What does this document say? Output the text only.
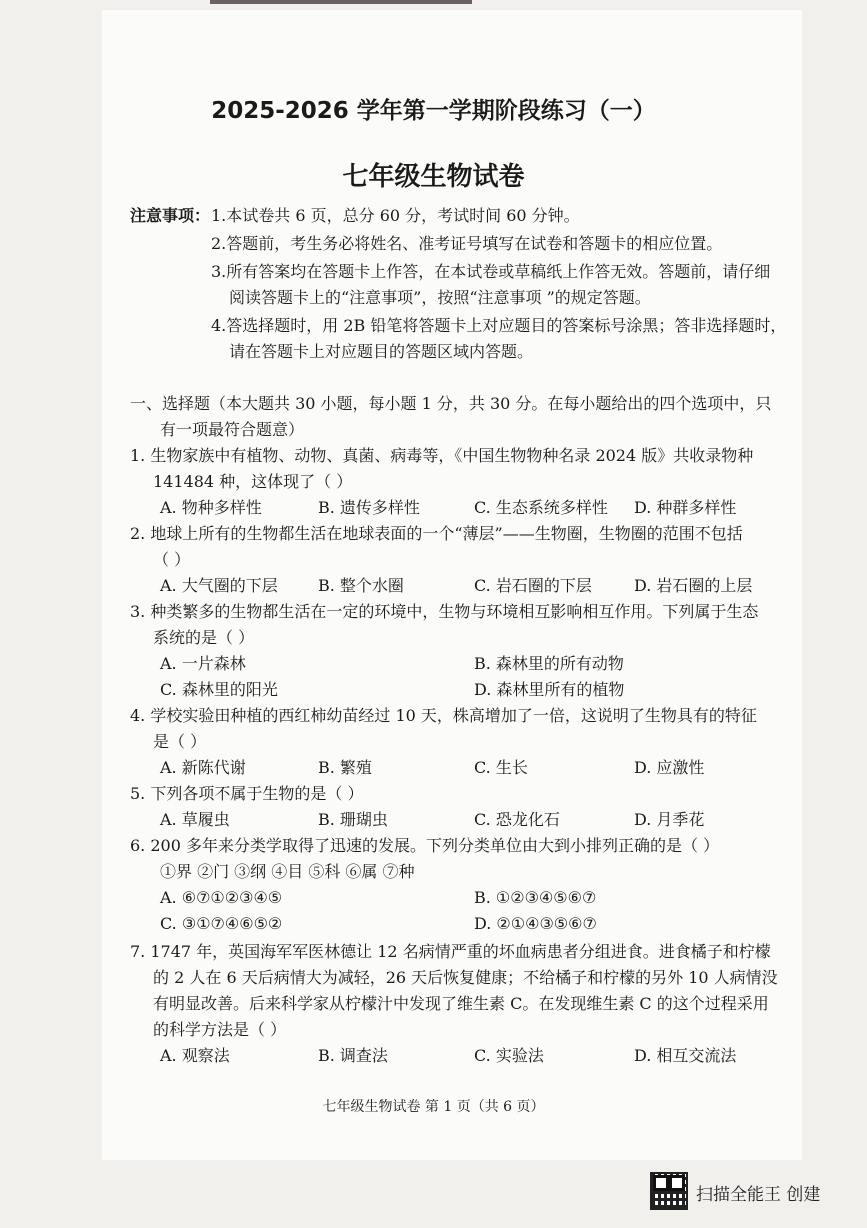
2025-2026 学年第一学期阶段练习（一）
七年级生物试卷
注意事项： 1.本试卷共 6 页，总分 60 分，考试时间 60 分钟。
2.答题前，考生务必将姓名、准考证号填写在试卷和答题卡的相应位置。
3.所有答案均在答题卡上作答，在本试卷或草稿纸上作答无效。答题前，请仔细
阅读答题卡上的“注意事项”，按照“注意事项 ”的规定答题。
4.答选择题时，用 2B 铅笔将答题卡上对应题目的答案标号涂黑；答非选择题时，
请在答题卡上对应题目的答题区域内答题。
一、选择题（本大题共 30 小题，每小题 1 分，共 30 分。在每小题给出的四个选项中，只
有一项最符合题意）
1. 生物家族中有植物、动物、真菌、病毒等，《中国生物物种名录 2024 版》共收录物种
141484 种，这体现了（ ）
A. 物种多样性	B. 遗传多样性	C. 生态系统多样性 D. 种群多样性
2. 地球上所有的生物都生活在地球表面的一个“薄层”——生物圈，生物圈的范围不包括
（ ）
A. 大气圈的下层	B. 整个水圈	C. 岩石圈的下层	D. 岩石圈的上层
3. 种类繁多的生物都生活在一定的环境中，生物与环境相互影响相互作用。下列属于生态
系统的是（ ）
A. 一片森林	B. 森林里的所有动物
C. 森林里的阳光	D. 森林里所有的植物
4. 学校实验田种植的西红柿幼苗经过 10 天，株高增加了一倍，这说明了生物具有的特征
是（ ）
A. 新陈代谢	B. 繁殖	C. 生长	D. 应激性
5. 下列各项不属于生物的是（ ）
A. 草履虫	B. 珊瑚虫	C. 恐龙化石	D. 月季花
6. 200 多年来分类学取得了迅速的发展。下列分类单位由大到小排列正确的是（ ）
①界 ②门 ③纲 ④目 ⑤科 ⑥属 ⑦种
A. ⑥⑦①②③④⑤	B. ①②③④⑤⑥⑦
C. ③①⑦④⑥⑤②	D. ②①④③⑤⑥⑦
7. 1747 年，英国海军军医林德让 12 名病情严重的坏血病患者分组进食。进食橘子和柠檬
的 2 人在 6 天后病情大为减轻，26 天后恢复健康；不给橘子和柠檬的另外 10 人病情没
有明显改善。后来科学家从柠檬汁中发现了维生素 C。在发现维生素 C 的这个过程采用
的科学方法是（ ）
A. 观察法	B. 调查法	C. 实验法	D. 相互交流法
七年级生物试卷 第 1 页（共 6 页）
扫描全能王 创建
